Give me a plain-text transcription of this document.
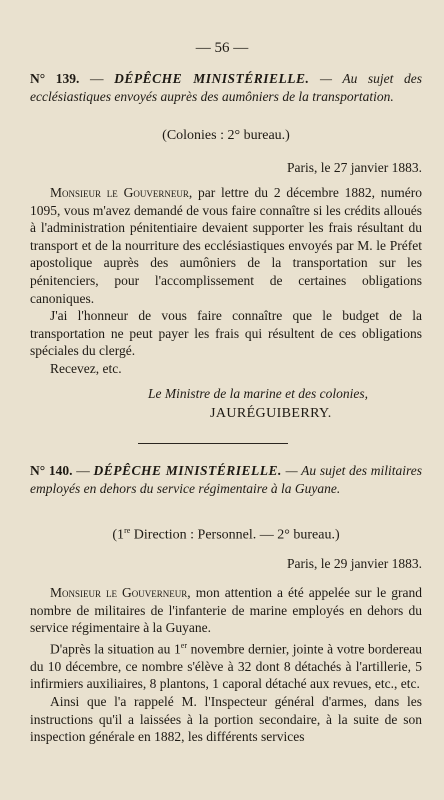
— 56 —
N° 139. — DÉPÊCHE MINISTÉRIELLE. — Au sujet des ecclésiastiques envoyés auprès des aumôniers de la transportation.
(Colonies : 2° bureau.)
Paris, le 27 janvier 1883.

Monsieur le Gouverneur, par lettre du 2 décembre 1882, numéro 1095, vous m'avez demandé de vous faire connaître si les crédits alloués à l'administration pénitentiaire devaient supporter les frais résultant du transport et de la nourriture des ecclésiastiques envoyés par M. le Préfet apostolique auprès des aumôniers de la transportation sur les pénitenciers, pour l'accomplissement de certaines obligations canoniques.

J'ai l'honneur de vous faire connaître que le budget de la transportation ne peut payer les frais qui résultent de ces obligations spéciales du clergé.

Recevez, etc.

Le Ministre de la marine et des colonies,
JAURÉGUIBERRY.
N° 140. — DÉPÊCHE MINISTÉRIELLE. — Au sujet des militaires employés en dehors du service régimentaire à la Guyane.
(1re Direction : Personnel. — 2° bureau.)
Paris, le 29 janvier 1883.

Monsieur le Gouverneur, mon attention a été appelée sur le grand nombre de militaires de l'infanterie de marine employés en dehors du service régimentaire à la Guyane.

D'après la situation au 1er novembre dernier, jointe à votre bordereau du 10 décembre, ce nombre s'élève à 32 dont 8 détachés à l'artillerie, 5 infirmiers auxiliaires, 8 plantons, 1 caporal détaché aux revues, etc., etc.

Ainsi que l'a rappelé M. l'Inspecteur général d'armes, dans les instructions qu'il a laissées à la portion secondaire, à la suite de son inspection générale en 1882, les différents services
